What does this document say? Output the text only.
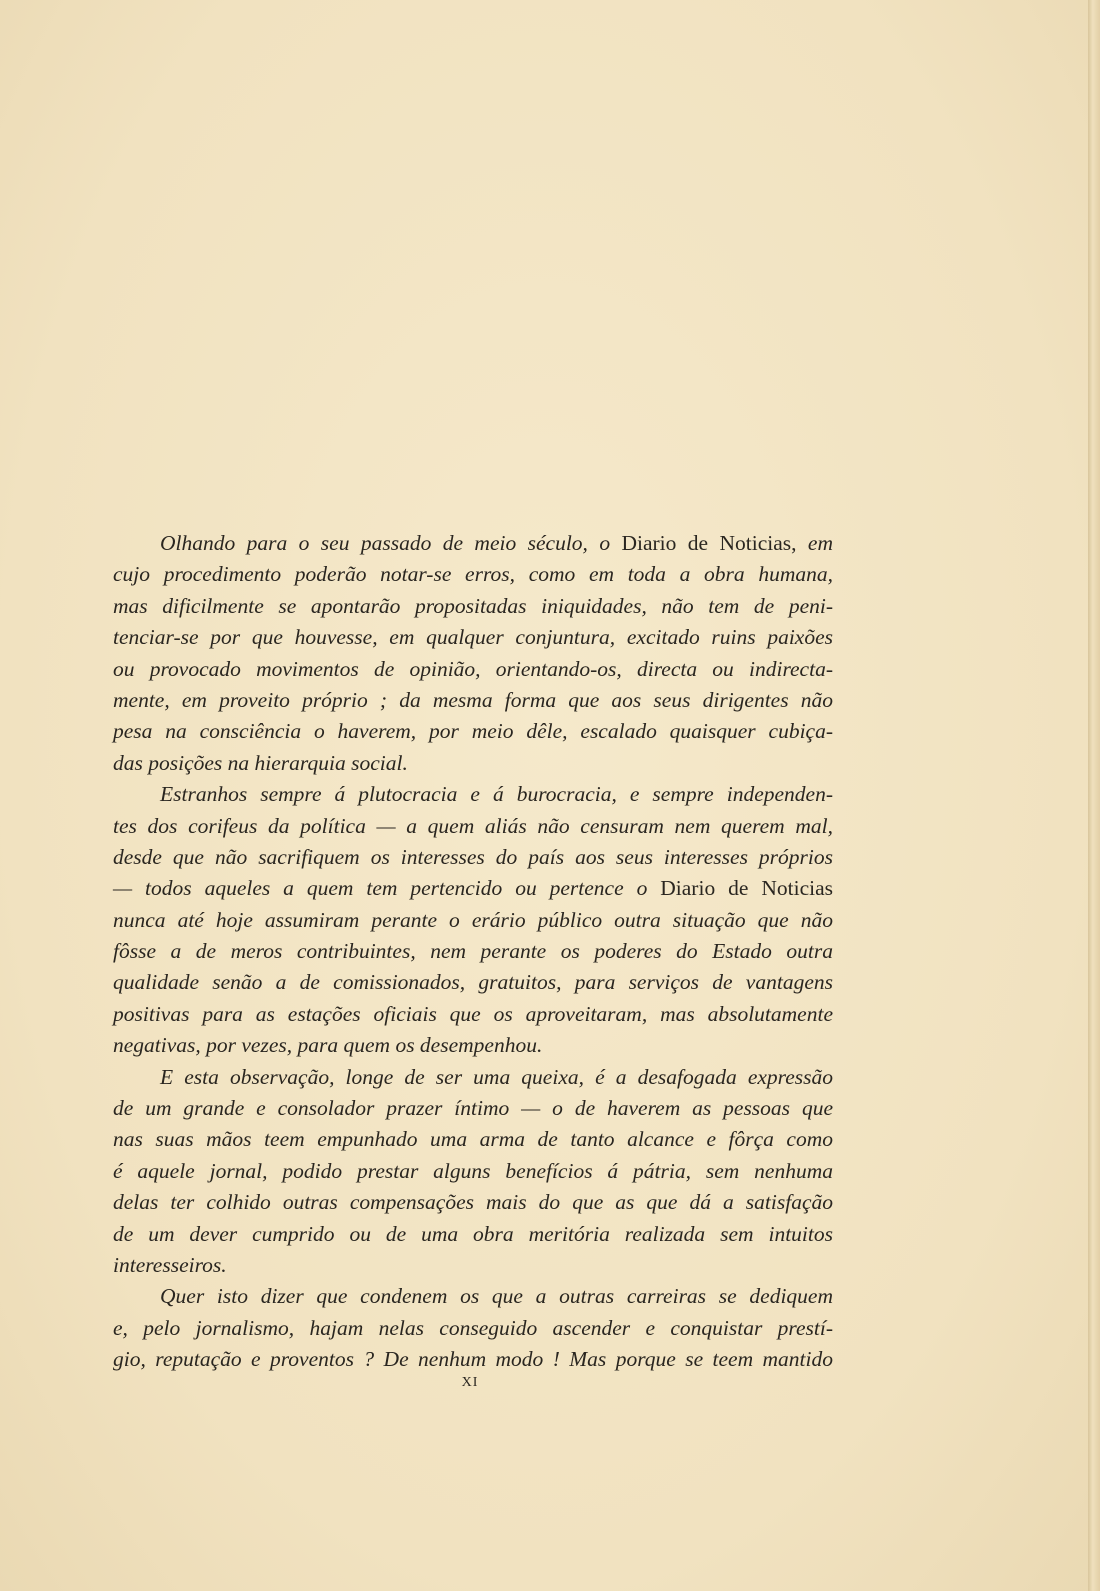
Olhando para o seu passado de meio século, o Diario de Noticias, em
cujo procedimento poderão notar-se erros, como em toda a obra humana,
mas dificilmente se apontarão propositadas iniquidades, não tem de peni-
tenciar-se por que houvesse, em qualquer conjuntura, excitado ruins paixões
ou provocado movimentos de opinião, orientando-os, directa ou indirecta-
mente, em proveito próprio ; da mesma forma que aos seus dirigentes não
pesa na consciência o haverem, por meio dêle, escalado quaisquer cubiça-
das posições na hierarquia social.
Estranhos sempre á plutocracia e á burocracia, e sempre independen-
tes dos corifeus da política — a quem aliás não censuram nem querem mal,
desde que não sacrifiquem os interesses do país aos seus interesses próprios
— todos aqueles a quem tem pertencido ou pertence o Diario de Noticias
nunca até hoje assumiram perante o erário público outra situação que não
fôsse a de meros contribuintes, nem perante os poderes do Estado outra
qualidade senão a de comissionados, gratuitos, para serviços de vantagens
positivas para as estações oficiais que os aproveitaram, mas absolutamente
negativas, por vezes, para quem os desempenhou.
E esta observação, longe de ser uma queixa, é a desafogada expressão
de um grande e consolador prazer íntimo — o de haverem as pessoas que
nas suas mãos teem empunhado uma arma de tanto alcance e fôrça como
é aquele jornal, podido prestar alguns benefícios á pátria, sem nenhuma
delas ter colhido outras compensações mais do que as que dá a satisfação
de um dever cumprido ou de uma obra meritória realizada sem intuitos
interesseiros.
Quer isto dizer que condenem os que a outras carreiras se dediquem
e, pelo jornalismo, hajam nelas conseguido ascender e conquistar prestí-
gio, reputação e proventos ? De nenhum modo ! Mas porque se teem mantido
XI
